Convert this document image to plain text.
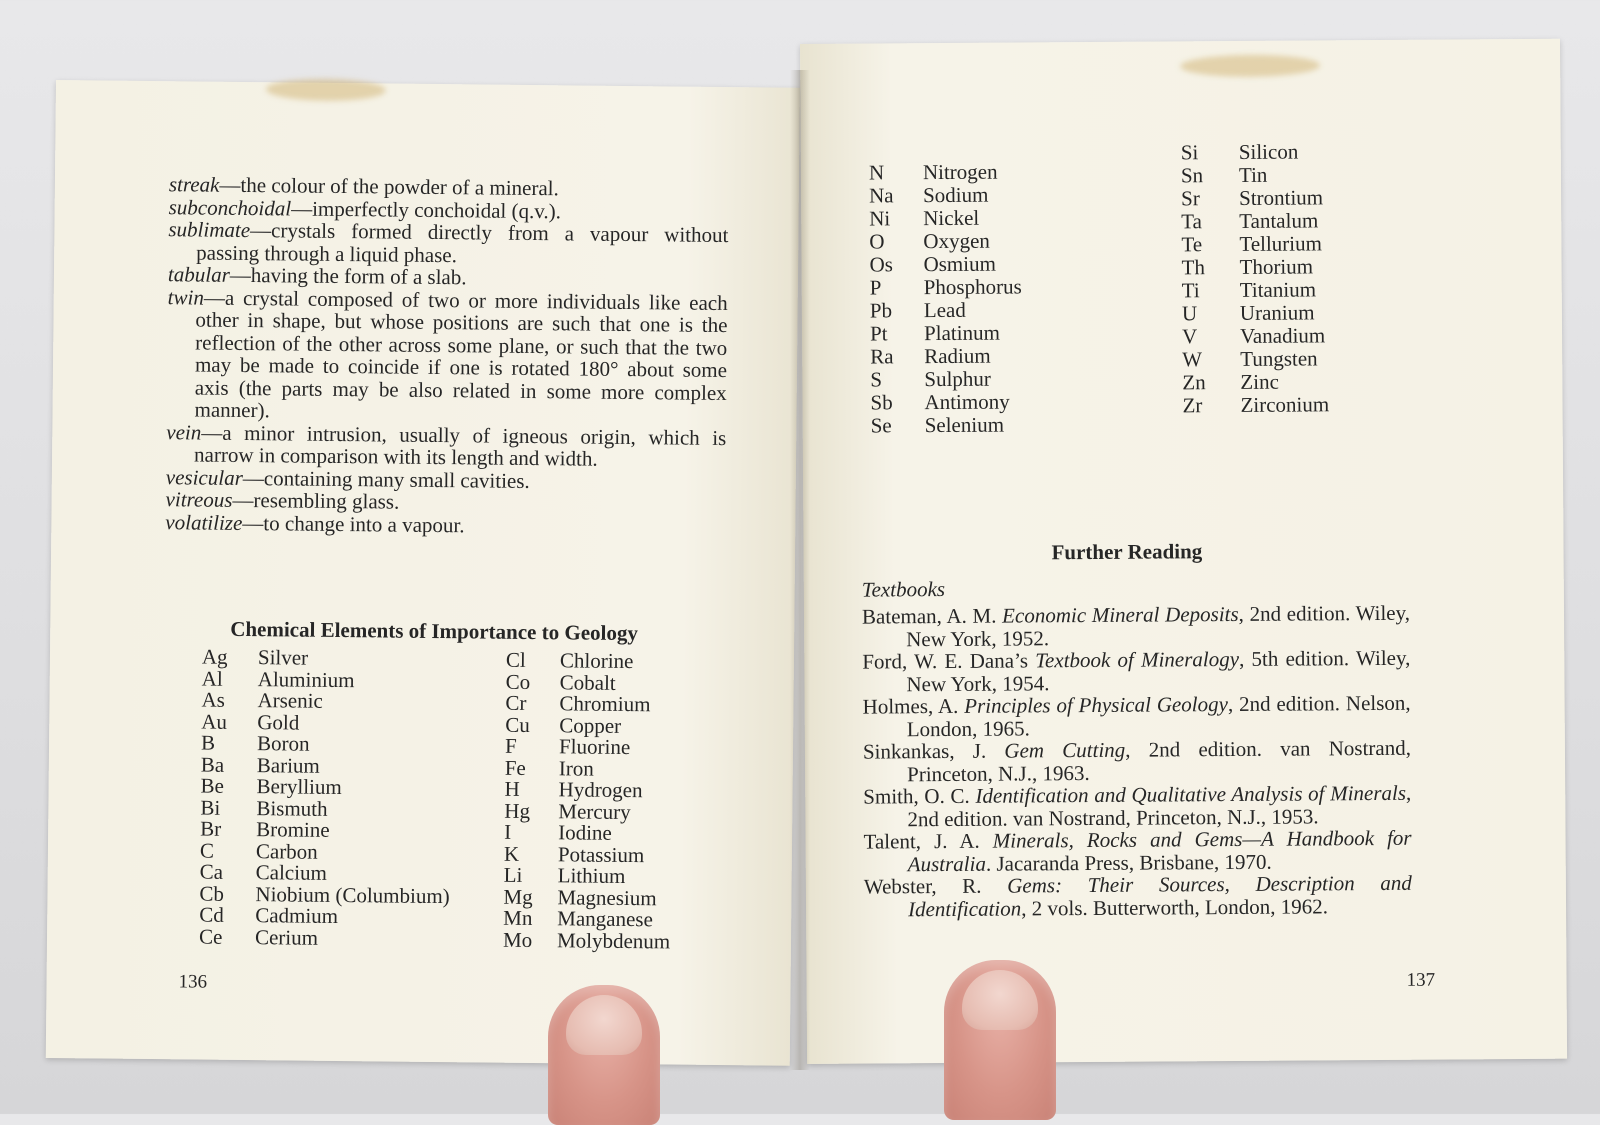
streak—the colour of the powder of a mineral.

subconchoidal—imperfectly conchoidal (q.v.).

sublimate—crystals formed directly from a vapour without passing through a liquid phase.

tabular—having the form of a slab.

twin—a crystal composed of two or more individuals like each other in shape, but whose positions are such that one is the reflection of the other across some plane, or such that the two may be made to coincide if one is rotated 180° about some axis (the parts may be also related in some more complex manner).

vein—a minor intrusion, usually of igneous origin, which is narrow in comparison with its length and width.

vesicular—containing many small cavities.

vitreous—resembling glass.

volatilize—to change into a vapour.

Chemical Elements of Importance to Geology
Ag	Silver
Al	Aluminium
As	Arsenic
Au	Gold
B	Boron
Ba	Barium
Be	Beryllium
Bi	Bismuth
Br	Bromine
C	Carbon
Ca	Calcium
Cb	Niobium (Columbium)
Cd	Cadmium
Ce	Cerium
Cl	Chlorine
Co	Cobalt
Cr	Chromium
Cu	Copper
F	Fluorine
Fe	Iron
H	Hydrogen
Hg	Mercury
I	Iodine
K	Potassium
Li	Lithium
Mg	Magnesium
Mn	Manganese
Mo	Molybdenum
136
N	Nitrogen
Na	Sodium
Ni	Nickel
O	Oxygen
Os	Osmium
P	Phosphorus
Pb	Lead
Pt	Platinum
Ra	Radium
S	Sulphur
Sb	Antimony
Se	Selenium
Si	Silicon
Sn	Tin
Sr	Strontium
Ta	Tantalum
Te	Tellurium
Th	Thorium
Ti	Titanium
U	Uranium
V	Vanadium
W	Tungsten
Zn	Zinc
Zr	Zirconium
Further Reading
Textbooks

Bateman, A. M. Economic Mineral Deposits, 2nd edition. Wiley, New York, 1952.

Ford, W. E. Dana’s Textbook of Mineralogy, 5th edition. Wiley, New York, 1954.

Holmes, A. Principles of Physical Geology, 2nd edition. Nelson, London, 1965.

Sinkankas, J. Gem Cutting, 2nd edition. van Nostrand, Princeton, N.J., 1963.

Smith, O. C. Identification and Qualitative Analysis of Minerals, 2nd edition. van Nostrand, Princeton, N.J., 1953.

Talent, J. A. Minerals, Rocks and Gems—A Handbook for Australia. Jacaranda Press, Brisbane, 1970.

Webster, R. Gems: Their Sources, Description and Identification, 2 vols. Butterworth, London, 1962.

137
